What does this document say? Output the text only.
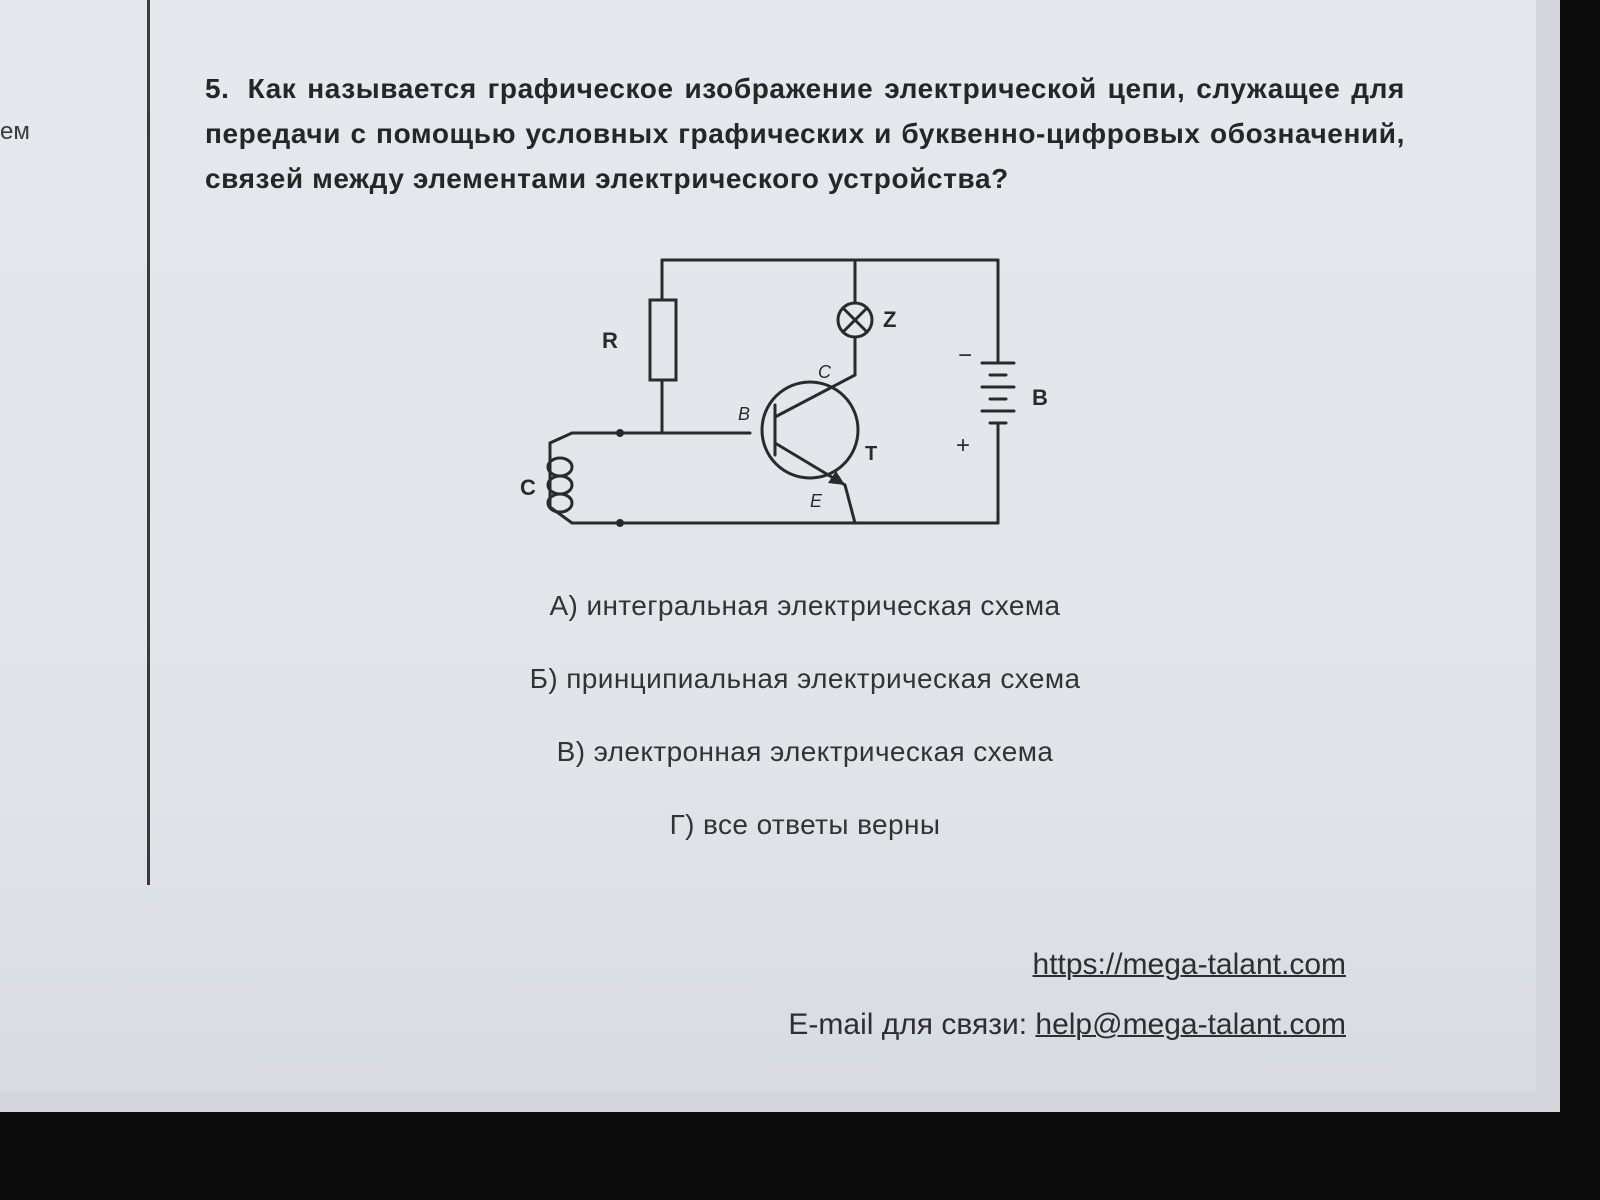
ем
5. Как называется графическое изображение электрической цепи, служащее для передачи с помощью условных графических и буквенно-цифровых обозначений, связей между элементами электрического устройства?
R
Z
B
C
T
B
C
E
−
+
А) интегральная электрическая схема
Б) принципиальная электрическая схема
В) электронная электрическая схема
Г) все ответы верны
https://mega-talant.com
E-mail для связи: help@mega-talant.com
